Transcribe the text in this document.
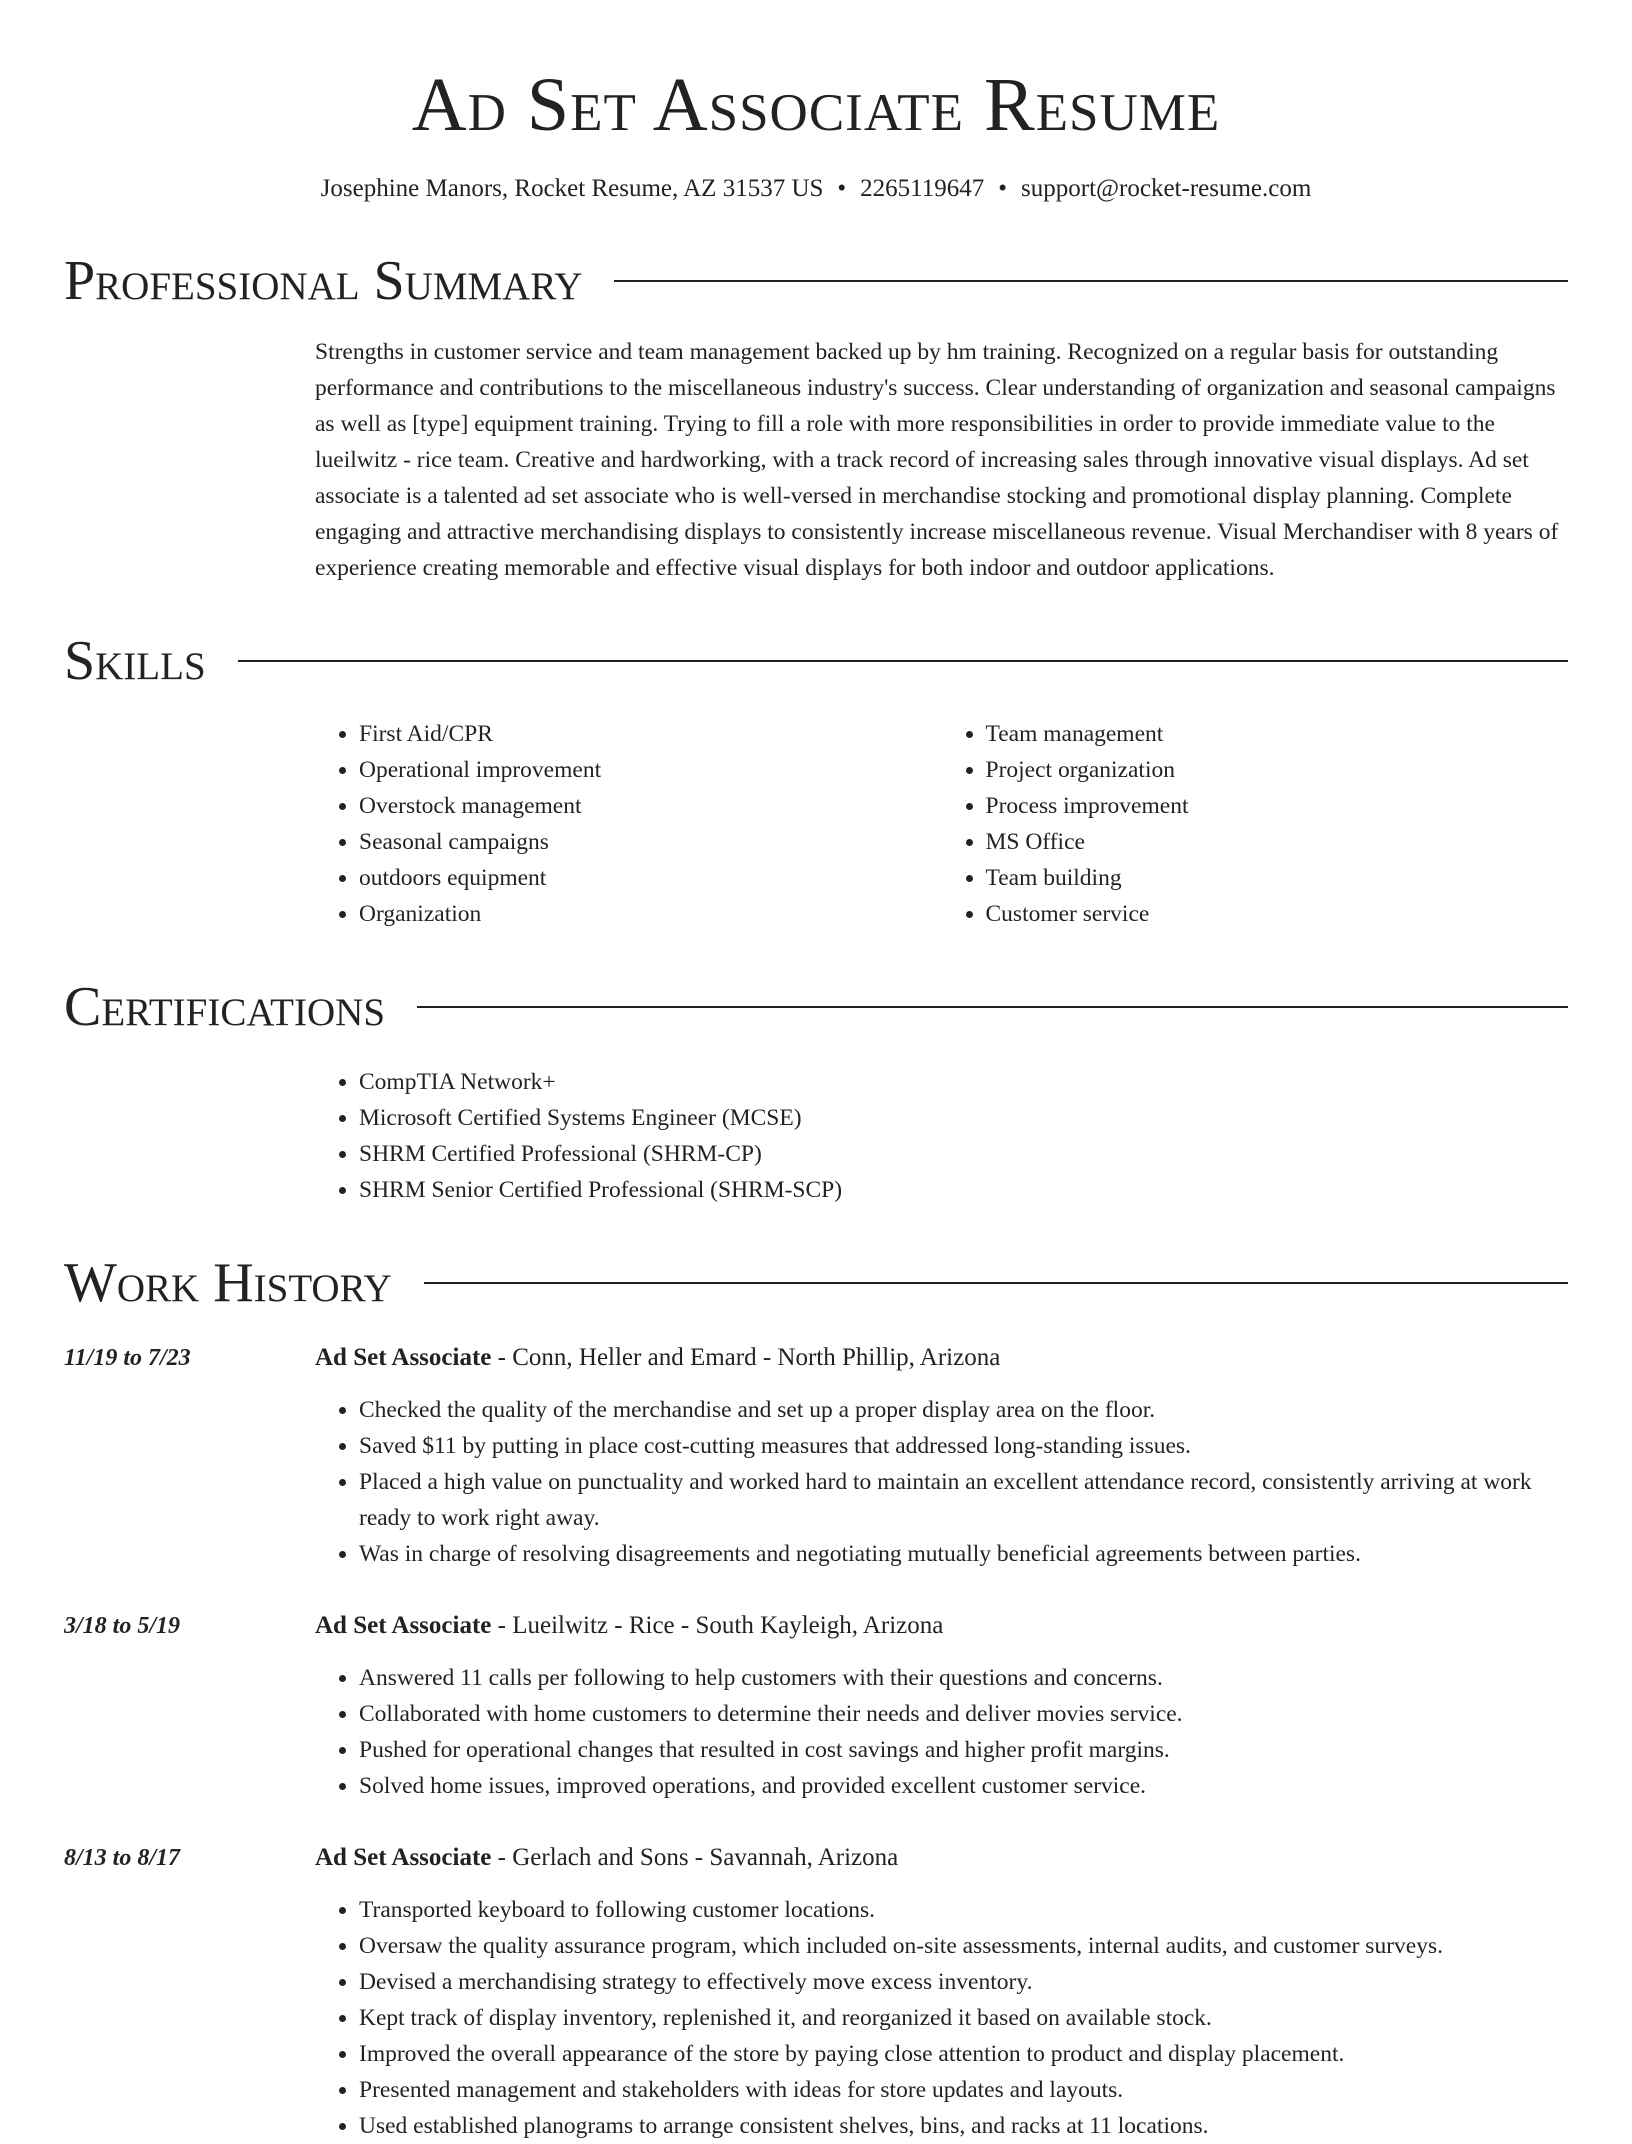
Ad Set Associate Resume
Josephine Manors, Rocket Resume, AZ 31537 US • 2265119647 • support@rocket-resume.com
Professional Summary
Strengths in customer service and team management backed up by hm training. Recognized on a regular basis for outstanding performance and contributions to the miscellaneous industry's success. Clear understanding of organization and seasonal campaigns as well as [type] equipment training. Trying to fill a role with more responsibilities in order to provide immediate value to the lueilwitz - rice team. Creative and hardworking, with a track record of increasing sales through innovative visual displays. Ad set associate is a talented ad set associate who is well-versed in merchandise stocking and promotional display planning. Complete engaging and attractive merchandising displays to consistently increase miscellaneous revenue. Visual Merchandiser with 8 years of experience creating memorable and effective visual displays for both indoor and outdoor applications.
Skills
• First Aid/CPR
• Operational improvement
• Overstock management
• Seasonal campaigns
• outdoors equipment
• Organization
• Team management
• Project organization
• Process improvement
• MS Office
• Team building
• Customer service
Certifications
• CompTIA Network+
• Microsoft Certified Systems Engineer (MCSE)
• SHRM Certified Professional (SHRM-CP)
• SHRM Senior Certified Professional (SHRM-SCP)
Work History
11/19 to 7/23	Ad Set Associate - Conn, Heller and Emard - North Phillip, Arizona
• Checked the quality of the merchandise and set up a proper display area on the floor.
• Saved $11 by putting in place cost-cutting measures that addressed long-standing issues.
• Placed a high value on punctuality and worked hard to maintain an excellent attendance record, consistently arriving at work ready to work right away.
• Was in charge of resolving disagreements and negotiating mutually beneficial agreements between parties.
3/18 to 5/19	Ad Set Associate - Lueilwitz - Rice - South Kayleigh, Arizona
• Answered 11 calls per following to help customers with their questions and concerns.
• Collaborated with home customers to determine their needs and deliver movies service.
• Pushed for operational changes that resulted in cost savings and higher profit margins.
• Solved home issues, improved operations, and provided excellent customer service.
8/13 to 8/17	Ad Set Associate - Gerlach and Sons - Savannah, Arizona
• Transported keyboard to following customer locations.
• Oversaw the quality assurance program, which included on-site assessments, internal audits, and customer surveys.
• Devised a merchandising strategy to effectively move excess inventory.
• Kept track of display inventory, replenished it, and reorganized it based on available stock.
• Improved the overall appearance of the store by paying close attention to product and display placement.
• Presented management and stakeholders with ideas for store updates and layouts.
• Used established planograms to arrange consistent shelves, bins, and racks at 11 locations.
